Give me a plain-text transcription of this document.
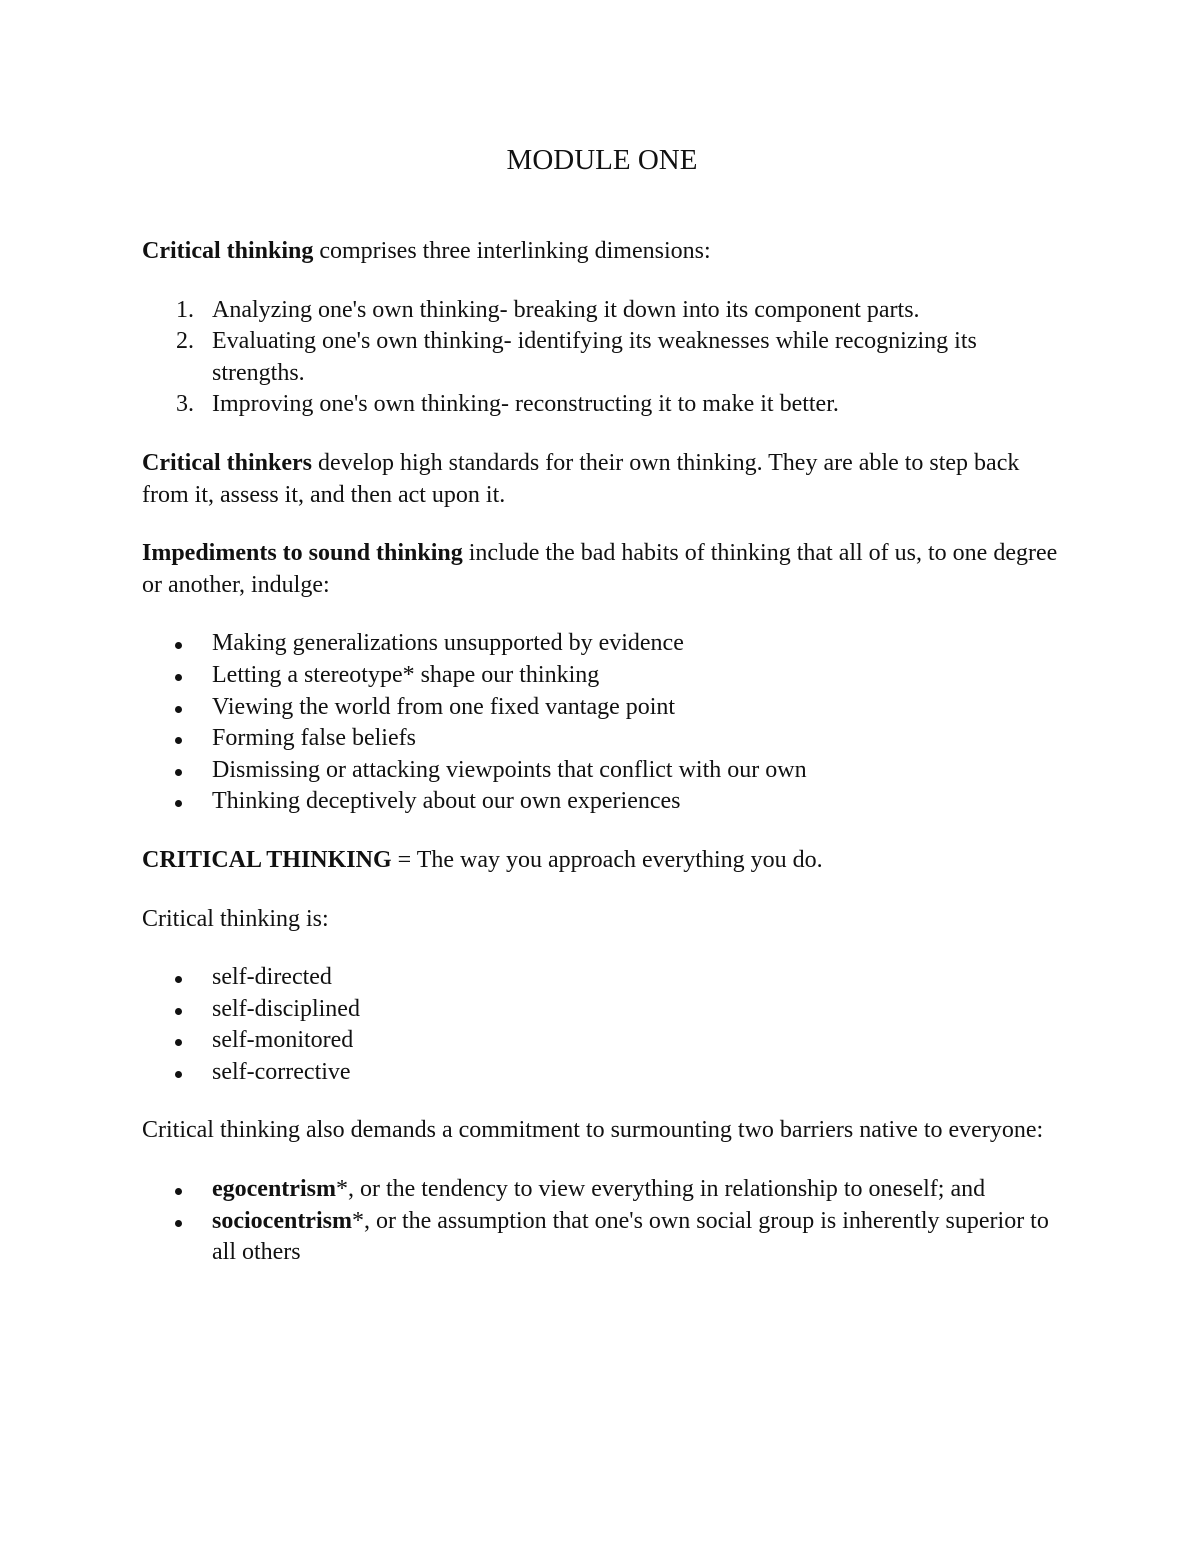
MODULE ONE

Critical thinking comprises three interlinking dimensions:

1. Analyzing one's own thinking- breaking it down into its component parts.
2. Evaluating one's own thinking- identifying its weaknesses while recognizing its strengths.
3. Improving one's own thinking- reconstructing it to make it better.

Critical thinkers develop high standards for their own thinking. They are able to step back from it, assess it, and then act upon it.

Impediments to sound thinking include the bad habits of thinking that all of us, to one degree or another, indulge:

Making generalizations unsupported by evidence
Letting a stereotype* shape our thinking
Viewing the world from one fixed vantage point
Forming false beliefs
Dismissing or attacking viewpoints that conflict with our own
Thinking deceptively about our own experiences

CRITICAL THINKING = The way you approach everything you do.

Critical thinking is:

self-directed
self-disciplined
self-monitored
self-corrective

Critical thinking also demands a commitment to surmounting two barriers native to everyone:

egocentrism*, or the tendency to view everything in relationship to oneself; and
sociocentrism*, or the assumption that one's own social group is inherently superior to all others
